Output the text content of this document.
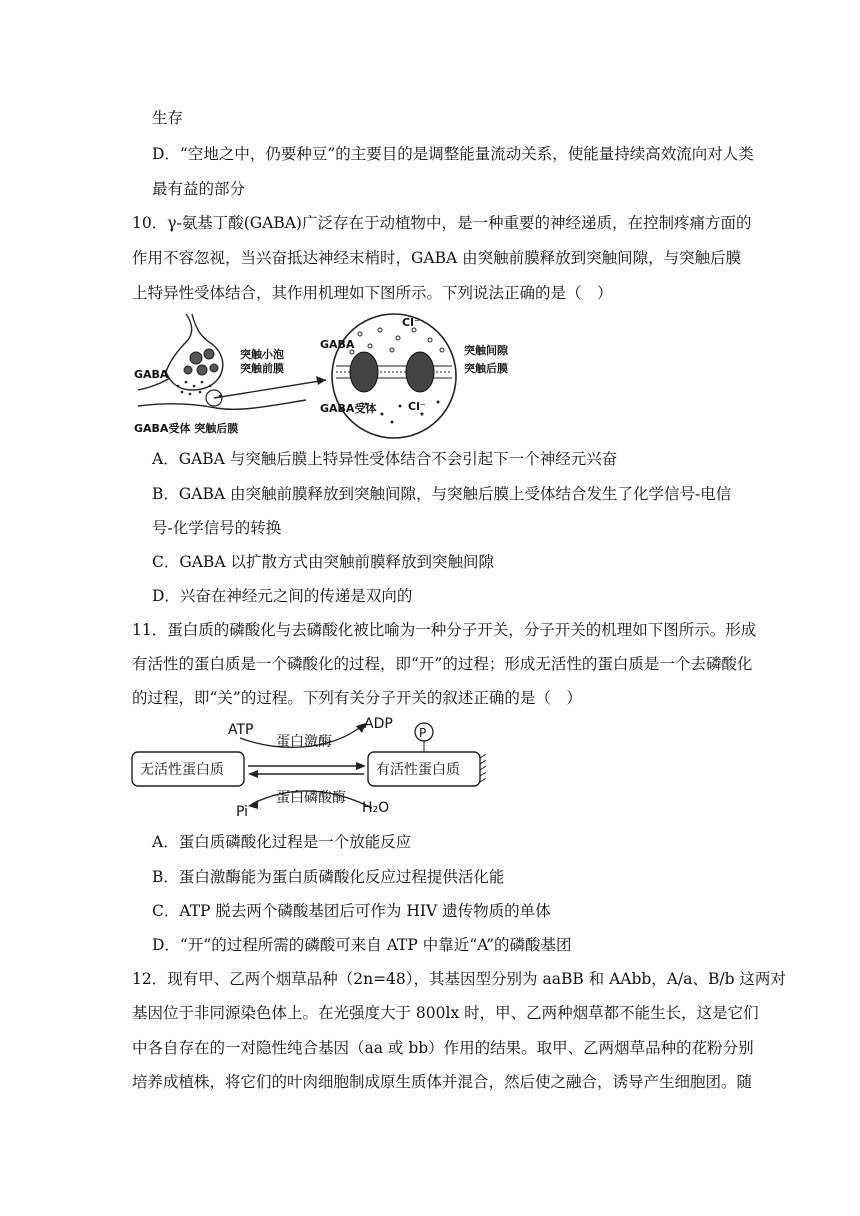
生存
D．“空地之中，仍要种豆”的主要目的是调整能量流动关系，使能量持续高效流向对人类
最有益的部分
10．γ-氨基丁酸(GABA)广泛存在于动植物中，是一种重要的神经递质，在控制疼痛方面的
作用不容忽视，当兴奋抵达神经末梢时，GABA 由突触前膜释放到突触间隙，与突触后膜
上特异性受体结合，其作用机理如下图所示。下列说法正确的是（　）
突触小泡
突触前膜
GABA
GABA受体 突触后膜
GABA	突触间隙
突触后膜
GABA受体
Cl⁻
Cl⁻
A．GABA 与突触后膜上特异性受体结合不会引起下一个神经元兴奋
B．GABA 由突触前膜释放到突触间隙，与突触后膜上受体结合发生了化学信号-电信
号-化学信号的转换
C．GABA 以扩散方式由突触前膜释放到突触间隙
D．兴奋在神经元之间的传递是双向的
11．蛋白质的磷酸化与去磷酸化被比喻为一种分子开关，分子开关的机理如下图所示。形成
有活性的蛋白质是一个磷酸化的过程，即“开”的过程；形成无活性的蛋白质是一个去磷酸化
的过程，即“关”的过程。下列有关分子开关的叙述正确的是（　）
ATP	ADP
蛋白激酶
无活性蛋白质	有活性蛋白质
P
蛋白磷酸酶
Pi	H₂O
A．蛋白质磷酸化过程是一个放能反应
B．蛋白激酶能为蛋白质磷酸化反应过程提供活化能
C．ATP 脱去两个磷酸基团后可作为 HIV 遗传物质的单体
D．“开”的过程所需的磷酸可来自 ATP 中靠近“A”的磷酸基团
12．现有甲、乙两个烟草品种（2n=48），其基因型分别为 aaBB 和 AAbb，A/a、B/b 这两对
基因位于非同源染色体上。在光强度大于 800lx 时，甲、乙两种烟草都不能生长，这是它们
中各自存在的一对隐性纯合基因（aa 或 bb）作用的结果。取甲、乙两烟草品种的花粉分别
培养成植株，将它们的叶肉细胞制成原生质体并混合，然后使之融合，诱导产生细胞团。随
